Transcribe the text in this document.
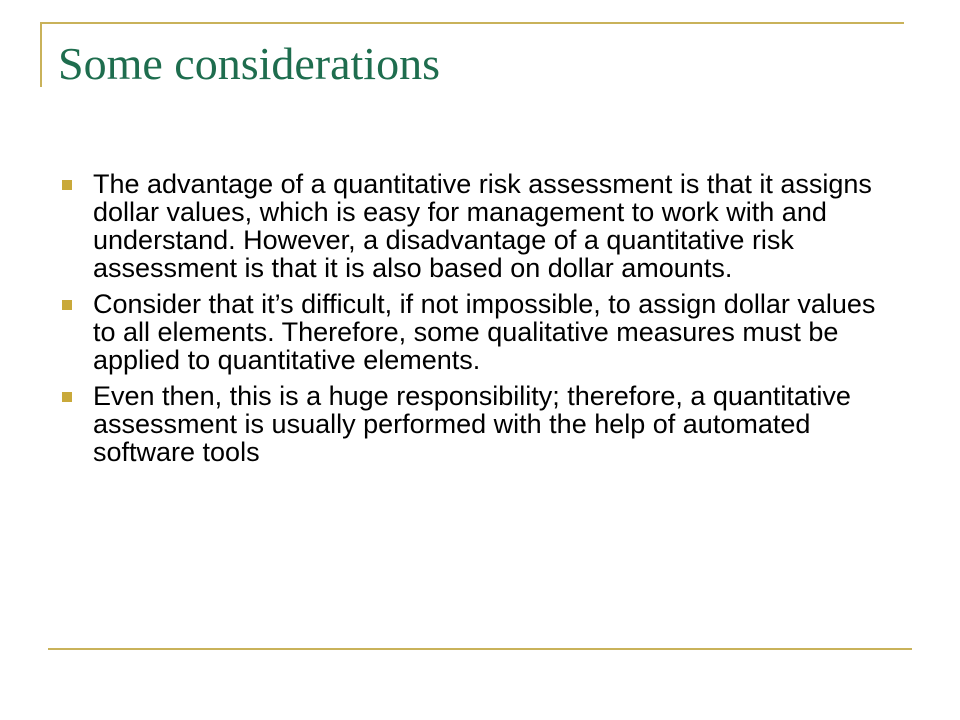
Some considerations
The advantage of a quantitative risk assessment is that it assigns dollar values, which is easy for management to work with and understand. However, a disadvantage of a quantitative risk assessment is that it is also based on dollar amounts.
Consider that it’s difficult, if not impossible, to assign dollar values to all elements. Therefore, some qualitative measures must be applied to quantitative elements.
Even then, this is a huge responsibility; therefore, a quantitative assessment is usually performed with the help of automated software tools
